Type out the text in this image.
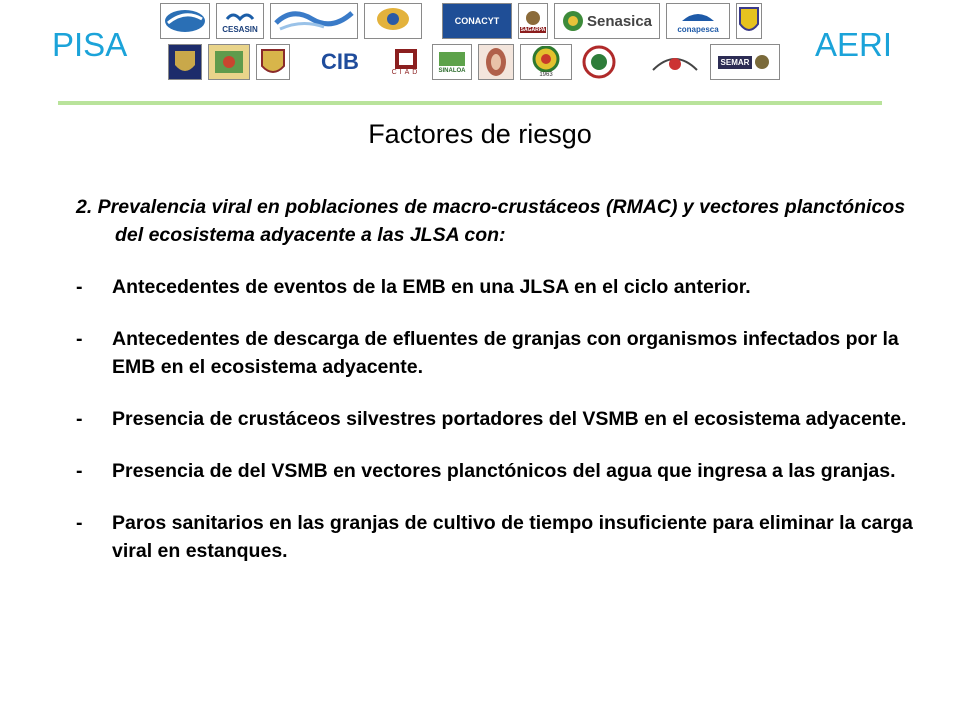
PISA	AERI
CESASIN
CONACYT
SAGARPA
Senasica	conapesca
CIB	CIAD	SINALOA
1963
SEMAR
Factores de riesgo

2. Prevalencia viral en poblaciones de macro-crustáceos (RMAC) y vectores planctónicos del ecosistema adyacente a las JLSA con:

-	Antecedentes de eventos de la EMB en una JLSA en el ciclo anterior.
-	Antecedentes de descarga de efluentes de granjas con organismos infectados por la EMB en el ecosistema adyacente.
-	Presencia de crustáceos silvestres portadores del VSMB en el ecosistema adyacente.
-	Presencia de del VSMB en vectores planctónicos del agua que ingresa a las granjas.
-	Paros sanitarios en las granjas de cultivo de tiempo insuficiente para eliminar la carga viral en estanques.
